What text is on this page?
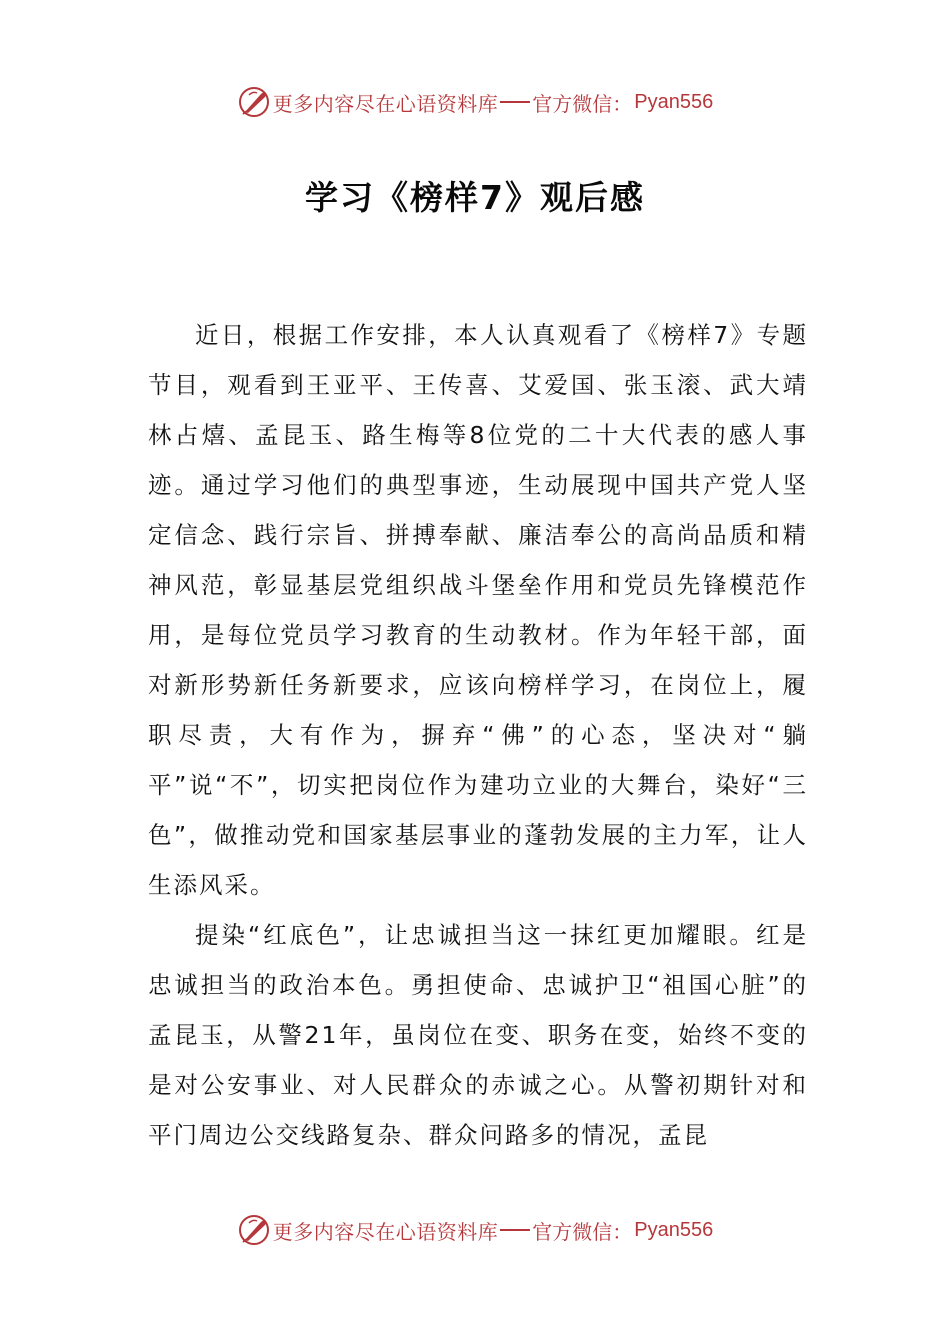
更多内容尽在心语资料库 官方微信： Pyan556
学习《榜样7》观后感

近日，根据工作安排，本人认真观看了《榜样7》专题节目，观看到王亚平、王传喜、艾爱国、张玉滚、武大靖林占熺、孟昆玉、路生梅等8位党的二十大代表的感人事迹。通过学习他们的典型事迹，生动展现中国共产党人坚定信念、践行宗旨、拼搏奉献、廉洁奉公的高尚品质和精神风范，彰显基层党组织战斗堡垒作用和党员先锋模范作用，是每位党员学习教育的生动教材。作为年轻干部，面对新形势新任务新要求，应该向榜样学习，在岗位上，履职尽责，大有作为，摒弃“佛”的心态，坚决对“躺平”说“不”，切实把岗位作为建功立业的大舞台，染好“三色”，做推动党和国家基层事业的蓬勃发展的主力军，让人生添风采。

提染“红底色”，让忠诚担当这一抹红更加耀眼。红是忠诚担当的政治本色。勇担使命、忠诚护卫“祖国心脏”的孟昆玉，从警21年，虽岗位在变、职务在变，始终不变的是对公安事业、对人民群众的赤诚之心。从警初期针对和平门周边公交线路复杂、群众问路多的情况，孟昆

更多内容尽在心语资料库 官方微信： Pyan556
